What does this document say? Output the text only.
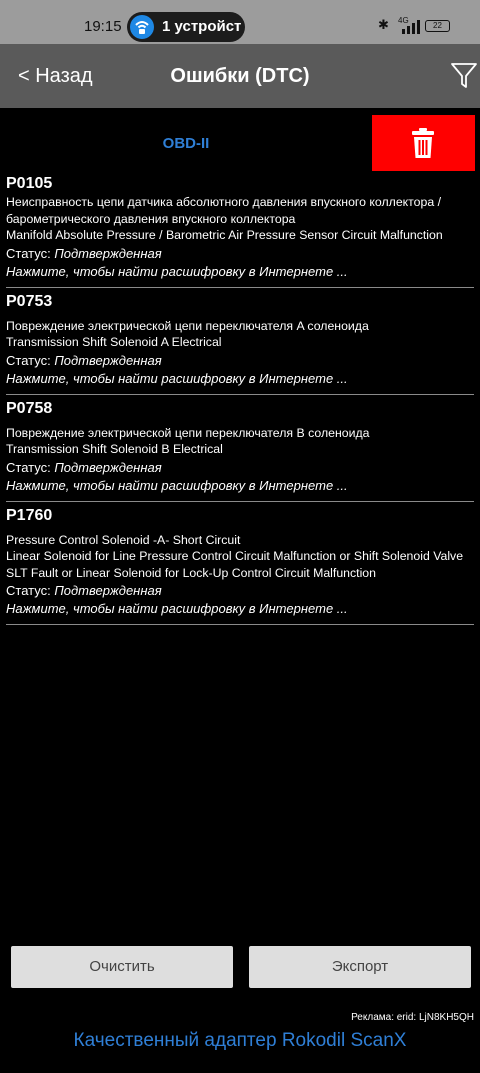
19:15	1 устройст	✱ 4G
22
< Назад	Ошибки (DTC)
OBD-II
P0105
Неисправность цепи датчика абсолютного давления впускного коллектора /
барометрического давления впускного коллектора
Manifold Absolute Pressure / Barometric Air Pressure Sensor Circuit Malfunction
Статус: Подтвержденная
Нажмите, чтобы найти расшифровку в Интернете ...
P0753
Повреждение электрической цепи переключателя A соленоида
Transmission Shift Solenoid A Electrical
Статус: Подтвержденная
Нажмите, чтобы найти расшифровку в Интернете ...
P0758
Повреждение электрической цепи переключателя B соленоида
Transmission Shift Solenoid B Electrical
Статус: Подтвержденная
Нажмите, чтобы найти расшифровку в Интернете ...
P1760
Pressure Control Solenoid -A- Short Circuit
Linear Solenoid for Line Pressure Control Circuit Malfunction or Shift Solenoid Valve
SLT Fault or Linear Solenoid for Lock-Up Control Circuit Malfunction
Статус: Подтвержденная
Нажмите, чтобы найти расшифровку в Интернете ...
Очистить	Экспорт
Реклама: erid: LjN8KH5QH
Качественный адаптер Rokodil ScanX
